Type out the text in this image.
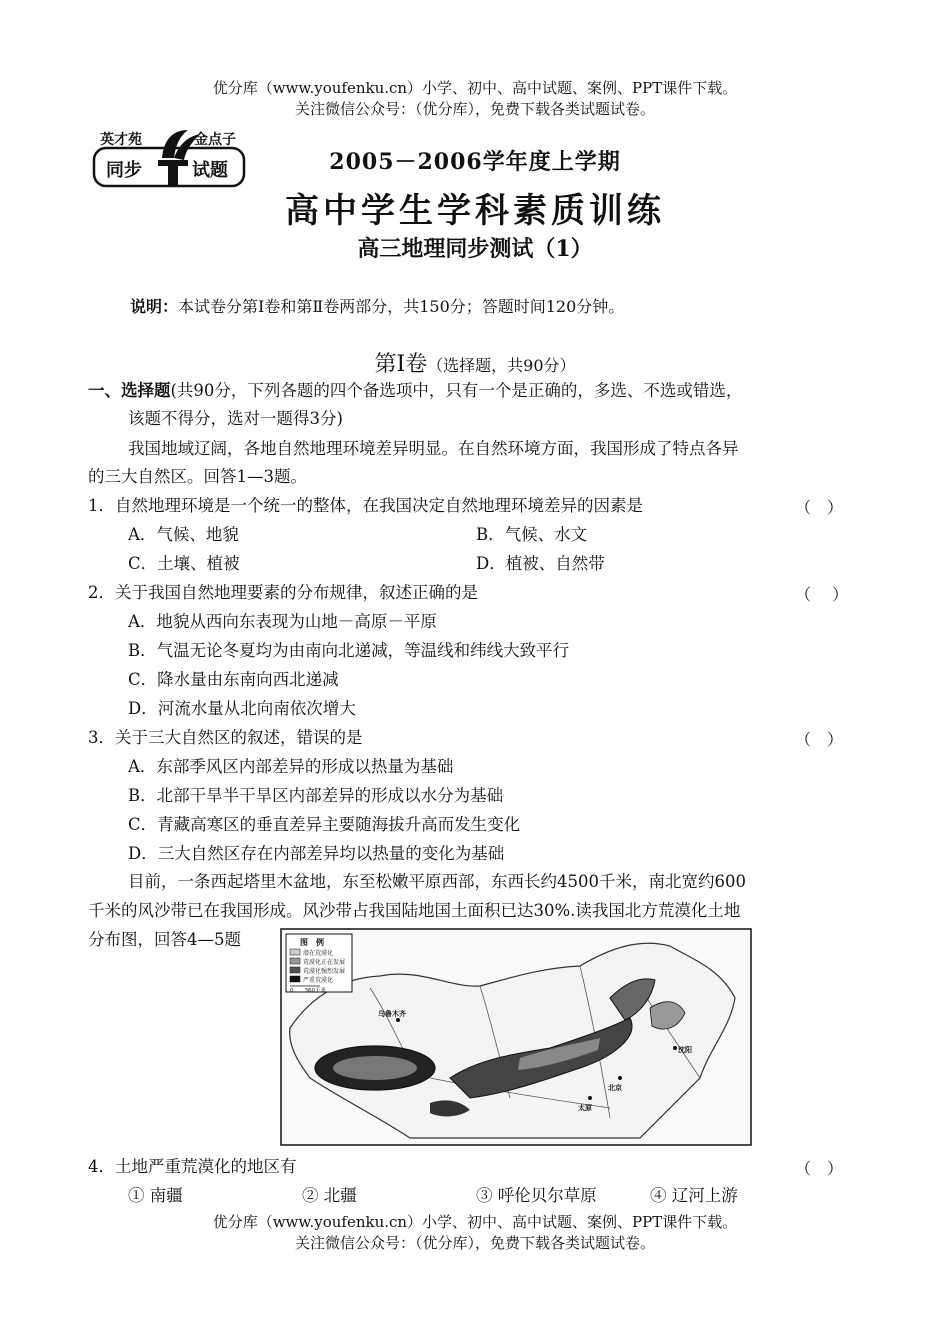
优分库（www.youfenku.cn）小学、初中、高中试题、案例、PPT课件下载。
关注微信公众号：（优分库），免费下载各类试题试卷。
英才苑	金点子
同步	试题	2005－2006学年度上学期
高中学生学科素质训练
高三地理同步测试（1）
说明：本试卷分第Ⅰ卷和第Ⅱ卷两部分，共150分；答题时间120分钟。
第Ⅰ卷（选择题，共90分）
一、选择题(共90分，下列各题的四个备选项中，只有一个是正确的，多选、不选或错选，
该题不得分，选对一题得3分)
我国地域辽阔，各地自然地理环境差异明显。在自然环境方面，我国形成了特点各异
的三大自然区。回答1—3题。
1．自然地理环境是一个统一的整体，在我国决定自然地理环境差异的因素是	（　）
A．气候、地貌	B．气候、水文
C．土壤、植被	D．植被、自然带
2．关于我国自然地理要素的分布规律，叙述正确的是	（　 ）
A．地貌从西向东表现为山地－高原－平原
B．气温无论冬夏均为由南向北递减，等温线和纬线大致平行
C．降水量由东南向西北递减
D．河流水量从北向南依次增大
3．关于三大自然区的叙述，错误的是	（　）
A．东部季风区内部差异的形成以热量为基础
B．北部干旱半干旱区内部差异的形成以水分为基础
C．青藏高寒区的垂直差异主要随海拔升高而发生变化
D．三大自然区存在内部差异均以热量的变化为基础
目前，一条西起塔里木盆地，东至松嫩平原西部，东西长约4500千米，南北宽约600
千米的风沙带已在我国形成。风沙带占我国陆地国土面积已达30%.读我国北方荒漠化土地
分布图，回答4—5题	图　例
潜在荒漠化
荒漠化正在发展
荒漠化强烈发展
严重荒漠化
0　　360千米
乌鲁木齐
北京
太原
沈阳
4．土地严重荒漠化的地区有	（　）
① 南疆	② 北疆	③ 呼伦贝尔草原	④ 辽河上游
优分库（www.youfenku.cn）小学、初中、高中试题、案例、PPT课件下载。
关注微信公众号：（优分库），免费下载各类试题试卷。
